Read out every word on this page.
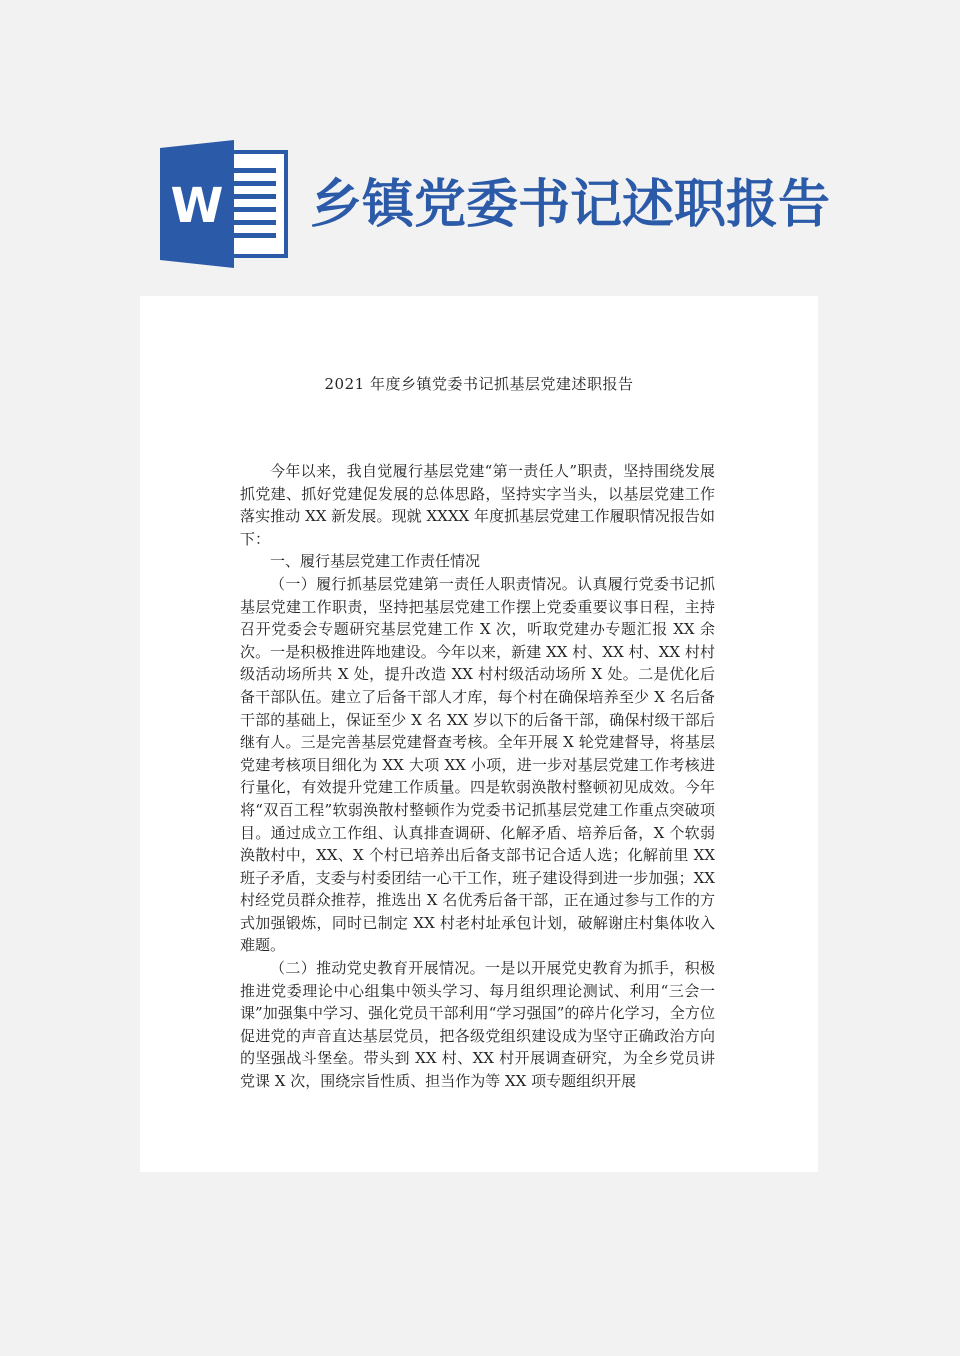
W 乡镇党委书记述职报告
2021 年度乡镇党委书记抓基层党建述职报告

今年以来，我自觉履行基层党建“第一责任人”职责，坚持围绕发展抓党建、抓好党建促发展的总体思路，坚持实字当头，以基层党建工作落实推动 XX 新发展。现就 XXXX 年度抓基层党建工作履职情况报告如下：

一、履行基层党建工作责任情况

（一）履行抓基层党建第一责任人职责情况。认真履行党委书记抓基层党建工作职责，坚持把基层党建工作摆上党委重要议事日程，主持召开党委会专题研究基层党建工作 X 次，听取党建办专题汇报 XX 余次。一是积极推进阵地建设。今年以来，新建 XX 村、XX 村、XX 村村级活动场所共 X 处，提升改造 XX 村村级活动场所 X 处。二是优化后备干部队伍。建立了后备干部人才库，每个村在确保培养至少 X 名后备干部的基础上，保证至少 X 名 XX 岁以下的后备干部，确保村级干部后继有人。三是完善基层党建督查考核。全年开展 X 轮党建督导，将基层党建考核项目细化为 XX 大项 XX 小项，进一步对基层党建工作考核进行量化，有效提升党建工作质量。四是软弱涣散村整顿初见成效。今年将“双百工程”软弱涣散村整顿作为党委书记抓基层党建工作重点突破项目。通过成立工作组、认真排查调研、化解矛盾、培养后备，X 个软弱涣散村中，XX、X 个村已培养出后备支部书记合适人选；化解前里 XX 班子矛盾，支委与村委团结一心干工作，班子建设得到进一步加强；XX 村经党员群众推荐，推选出 X 名优秀后备干部，正在通过参与工作的方式加强锻炼，同时已制定 XX 村老村址承包计划，破解谢庄村集体收入难题。

（二）推动党史教育开展情况。一是以开展党史教育为抓手，积极推进党委理论中心组集中领头学习、每月组织理论测试、利用“三会一课”加强集中学习、强化党员干部利用“学习强国”的碎片化学习，全方位促进党的声音直达基层党员，把各级党组织建设成为坚守正确政治方向的坚强战斗堡垒。带头到 XX 村、XX 村开展调查研究，为全乡党员讲党课 X 次，围绕宗旨性质、担当作为等 XX 项专题组织开展
